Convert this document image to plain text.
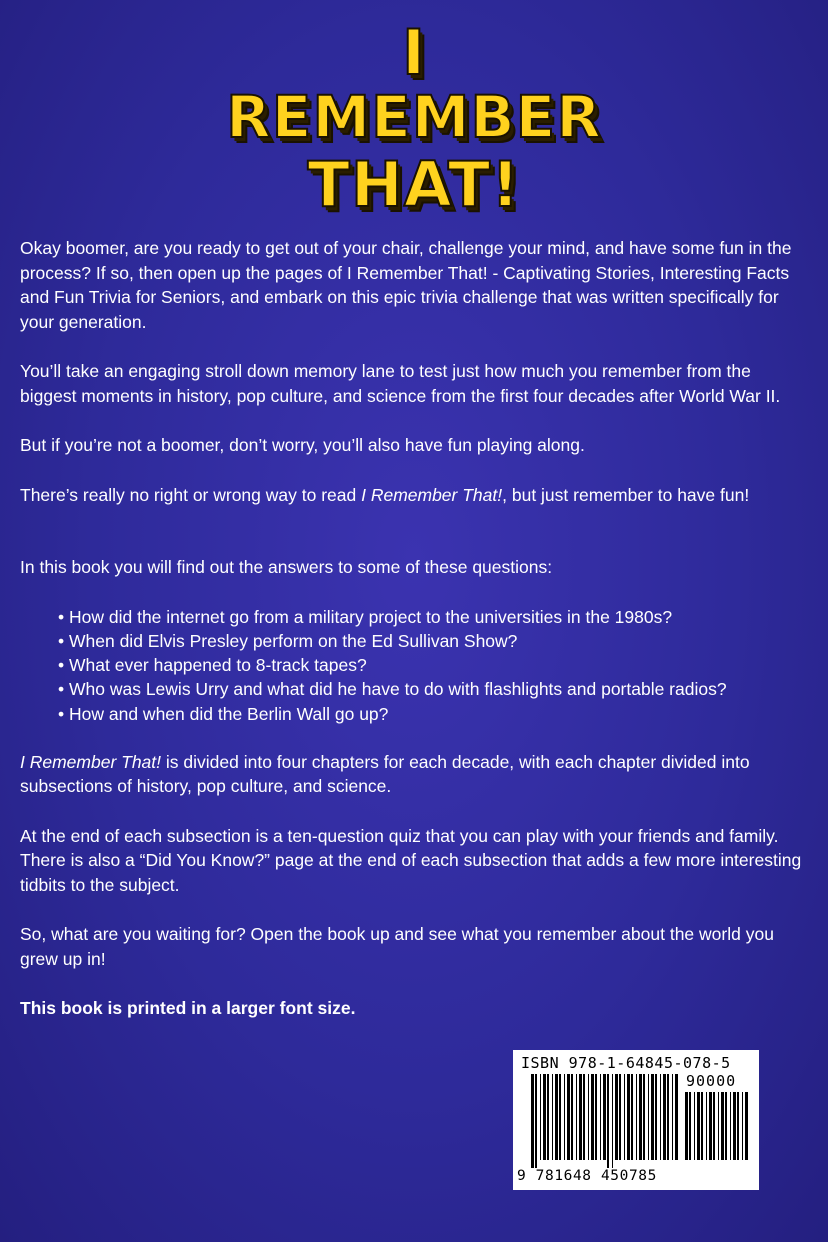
I
REMEMBER
THAT!

Okay boomer, are you ready to get out of your chair, challenge your mind, and have some fun in the process? If so, then open up the pages of I Remember That! - Captivating Stories, Interesting Facts and Fun Trivia for Seniors, and embark on this epic trivia challenge that was written specifically for your generation.

You’ll take an engaging stroll down memory lane to test just how much you remember from the biggest moments in history, pop culture, and science from the first four decades after World War II.

But if you’re not a boomer, don’t worry, you’ll also have fun playing along.

There’s really no right or wrong way to read I Remember That!, but just remember to have fun!

In this book you will find out the answers to some of these questions:

• How did the internet go from a military project to the universities in the 1980s?
• When did Elvis Presley perform on the Ed Sullivan Show?
• What ever happened to 8-track tapes?
• Who was Lewis Urry and what did he have to do with flashlights and portable radios?
• How and when did the Berlin Wall go up?

I Remember That! is divided into four chapters for each decade, with each chapter divided into subsections of history, pop culture, and science.

At the end of each subsection is a ten-question quiz that you can play with your friends and family. There is also a “Did You Know?” page at the end of each subsection that adds a few more interesting tidbits to the subject.

So, what are you waiting for? Open the book up and see what you remember about the world you grew up in!

This book is printed in a larger font size.

ISBN 978-1-64845-078-5
90000
9 781648 450785
